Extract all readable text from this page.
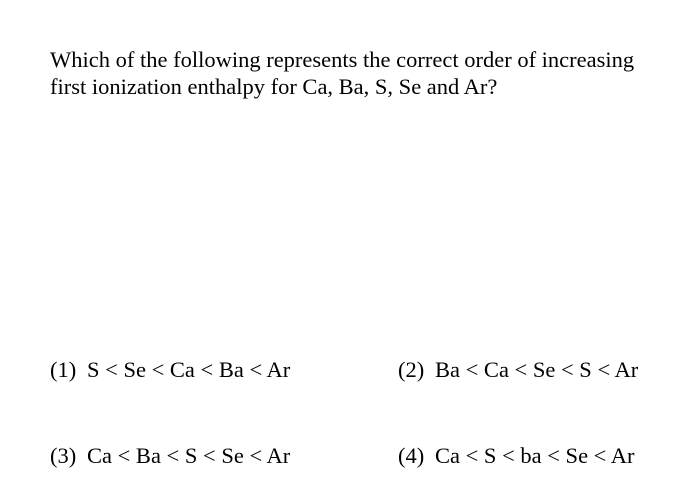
Which of the following represents the correct order of increasing
first ionization enthalpy for Ca, Ba, S, Se and Ar?
(1) S < Se < Ca < Ba < Ar	(2) Ba < Ca < Se < S < Ar
(3) Ca < Ba < S < Se < Ar	(4) Ca < S < ba < Se < Ar
